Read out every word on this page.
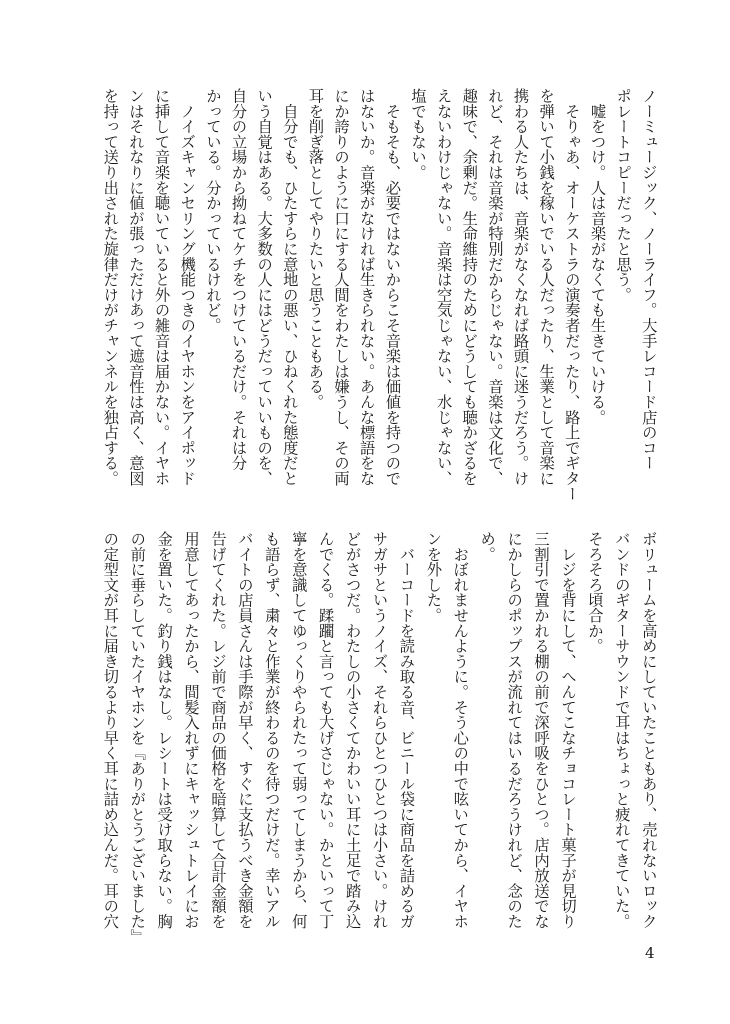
ノーミュージック、ノーライフ。大手レコード店のコー
ポレートコピーだったと思う。
　嘘をつけ。人は音楽がなくても生きていける。
　そりゃあ、オーケストラの演奏者だったり、路上でギター
を弾いて小銭を稼いでいる人だったり、生業として音楽に
携わる人たちは、音楽がなくなれば路頭に迷うだろう。け
れど、それは音楽が特別だからじゃない。音楽は文化で、
趣味で、余剰だ。生命維持のためにどうしても聴かざるを
えないわけじゃない。音楽は空気じゃない、水じゃない、
塩でもない。
　そもそも、必要ではないからこそ音楽は価値を持つので
はないか。音楽がなければ生きられない。あんな標語をな
にか誇りのように口にする人間をわたしは嫌うし、その両
耳を削ぎ落としてやりたいと思うこともある。
　自分でも、ひたすらに意地の悪い、ひねくれた態度だと
いう自覚はある。大多数の人にはどうだっていいものを、
自分の立場から拗ねてケチをつけているだけ。それは分
かっている。分かっているけれど。
　ノイズキャンセリング機能つきのイヤホンをアイポッド
に挿して音楽を聴いていると外の雑音は届かない。イヤホ
ンはそれなりに値が張っただけあって遮音性は高く、意図
を持って送り出された旋律だけがチャンネルを独占する。
ボリュームを高めにしていたこともあり、売れないロック
バンドのギターサウンドで耳はちょっと疲れてきていた。
そろそろ頃合か。
　レジを背にして、へんてこなチョコレート菓子が見切り
三割引で置かれる棚の前で深呼吸をひとつ。店内放送でな
にかしらのポップスが流れてはいるだろうけれど、念のた
め。
　おぼれませんように。そう心の中で呟いてから、イヤホ
ンを外した。
　バーコードを読み取る音、ビニール袋に商品を詰めるガ
サガサというノイズ、それらひとつひとつは小さい。けれ
どがさつだ。わたしの小さくてかわいい耳に土足で踏み込
んでくる。蹂躙と言っても大げさじゃない。かといって丁
寧を意識してゆっくりやられたって弱ってしまうから、何
も語らず、粛々と作業が終わるのを待つだけだ。幸いアル
バイトの店員さんは手際が早く、すぐに支払うべき金額を
告げてくれた。レジ前で商品の価格を暗算して合計金額を
用意してあったから、間髪入れずにキャッシュトレイにお
金を置いた。釣り銭はなし。レシートは受け取らない。胸
の前に垂らしていたイヤホンを『ありがとうございました』
の定型文が耳に届き切るより早く耳に詰め込んだ。耳の穴
4
